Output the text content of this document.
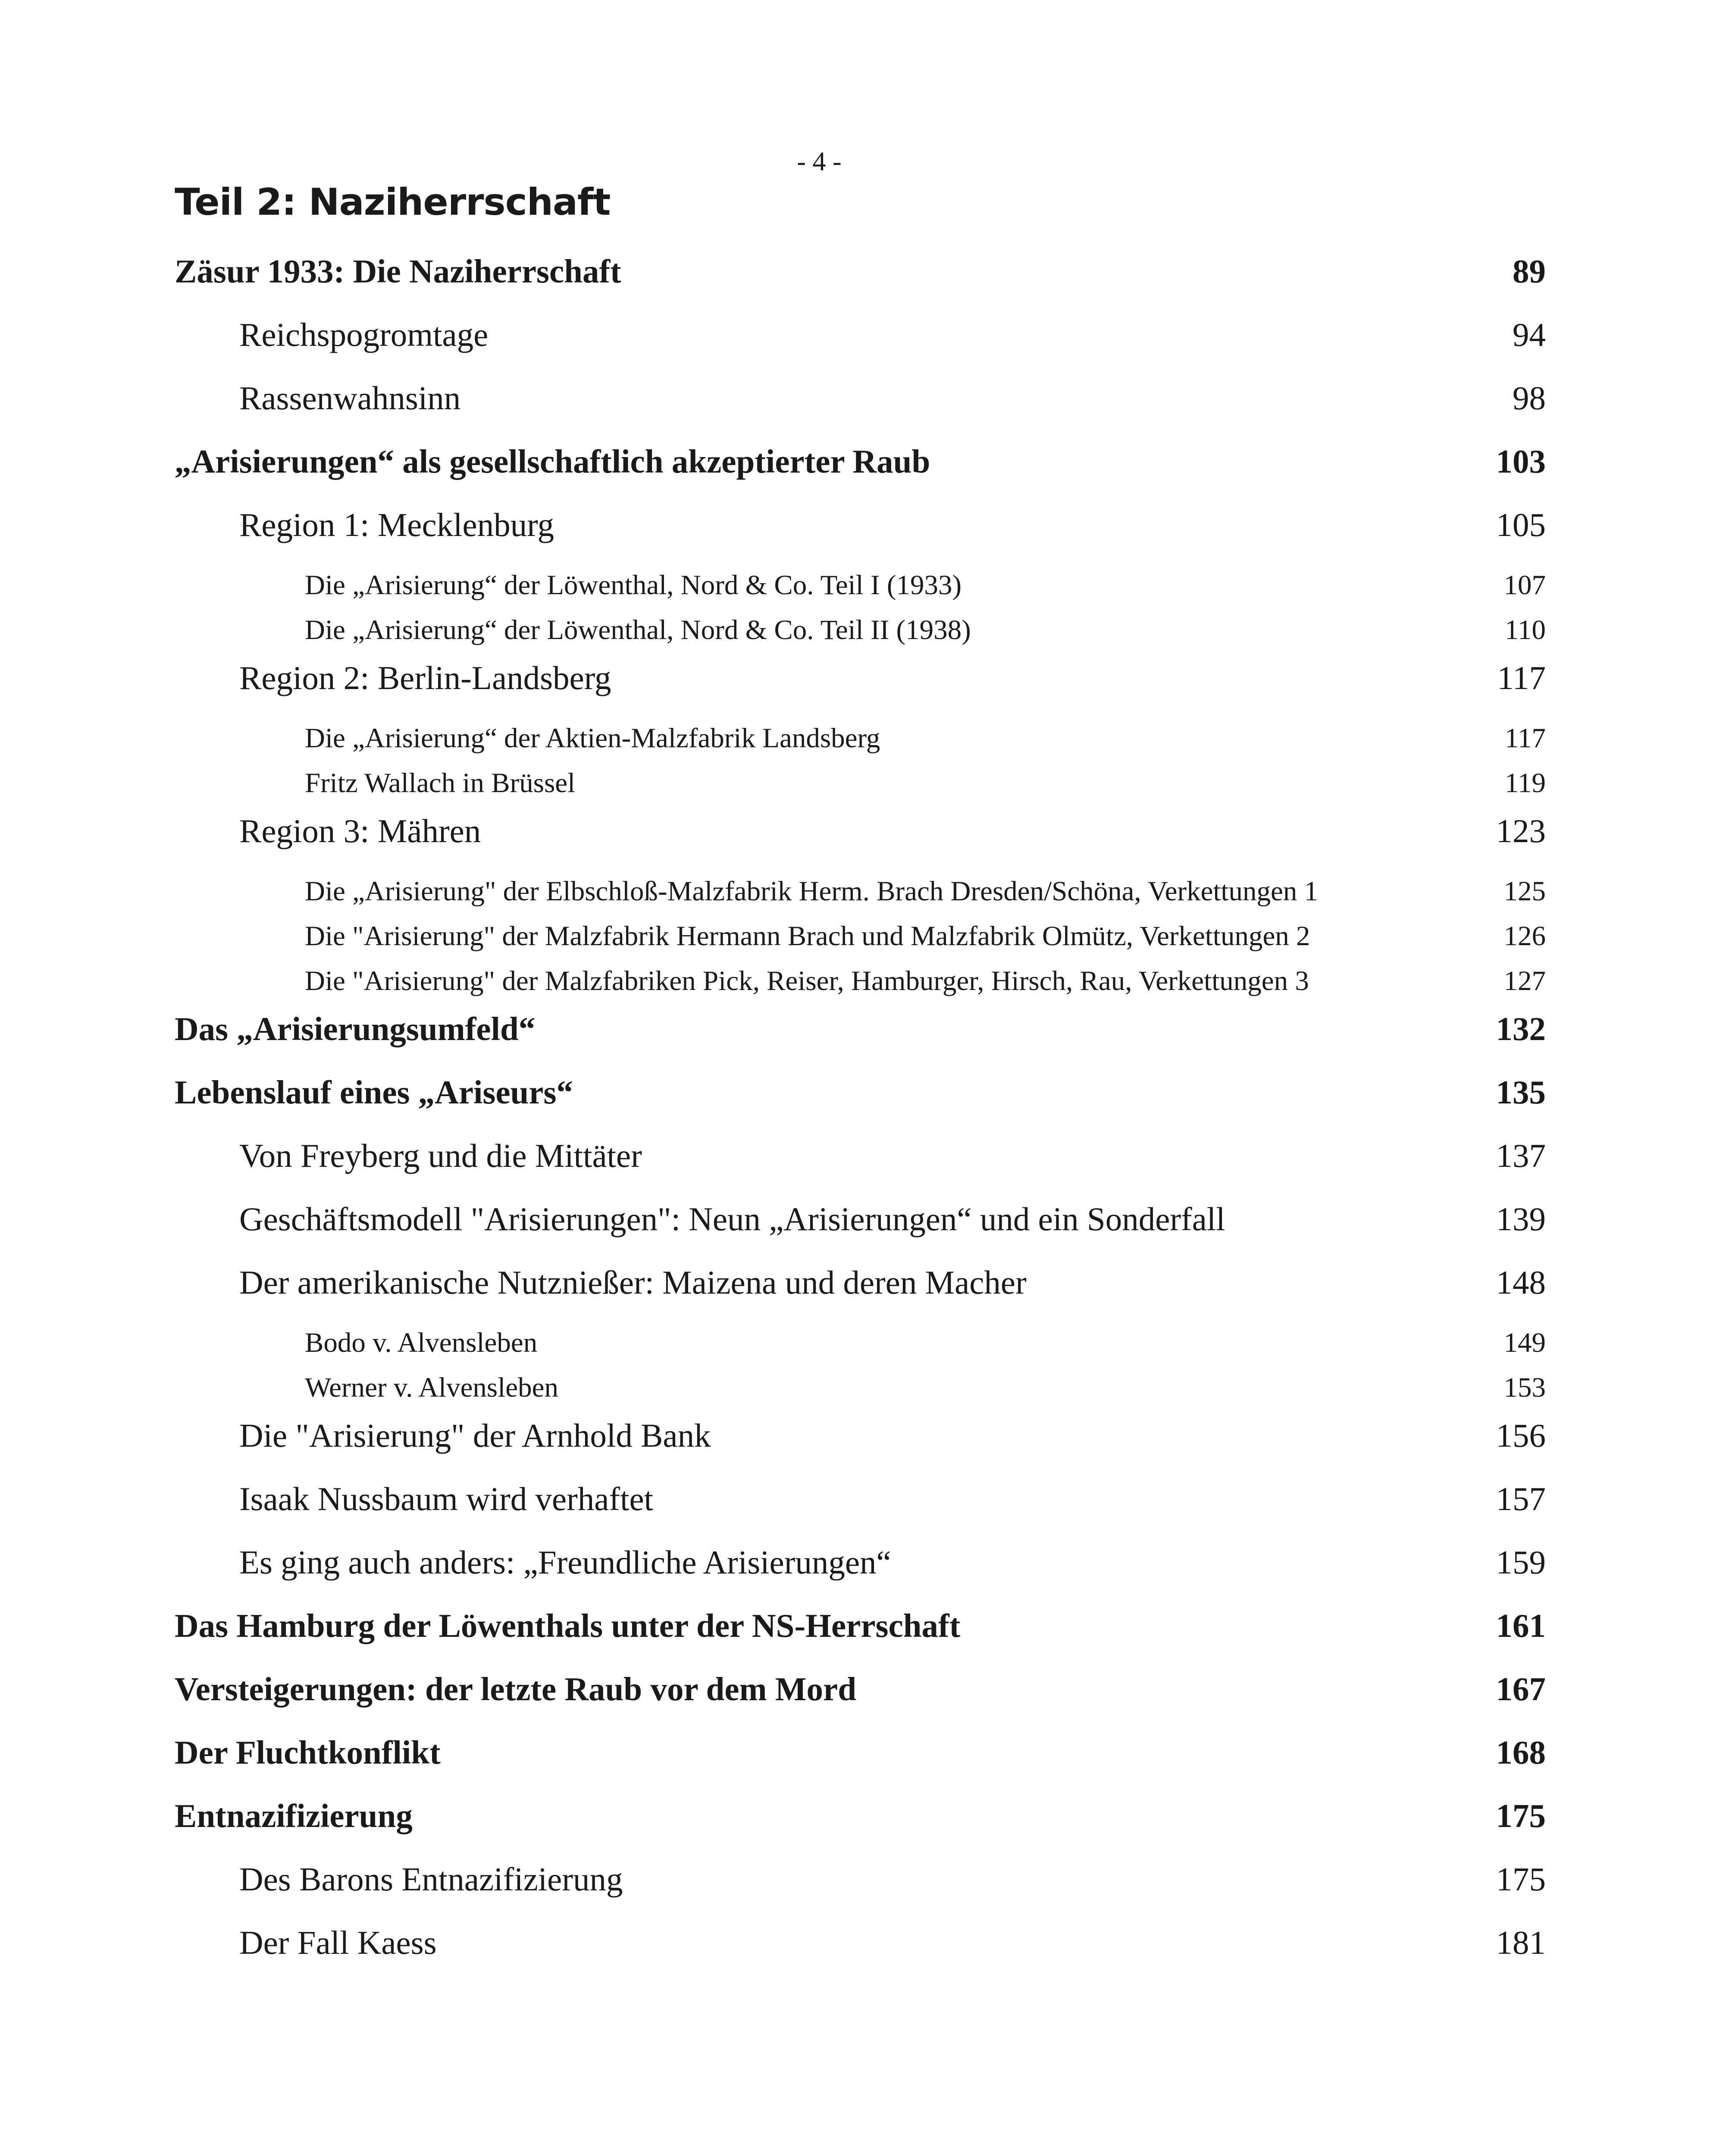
- 4 -
Teil 2: Naziherrschaft
Zäsur 1933: Die Naziherrschaft	89
Reichspogromtage	94
Rassenwahnsinn	98
„Arisierungen“ als gesellschaftlich akzeptierter Raub	103
Region 1: Mecklenburg	105
Die „Arisierung“ der Löwenthal, Nord & Co. Teil I (1933)	107
Die „Arisierung“ der Löwenthal, Nord & Co. Teil II (1938)	110
Region 2: Berlin-Landsberg	117
Die „Arisierung“ der Aktien-Malzfabrik Landsberg	117
Fritz Wallach in Brüssel	119
Region 3: Mähren	123
Die „Arisierung" der Elbschloß-Malzfabrik Herm. Brach Dresden/Schöna, Verkettungen 1	125
Die "Arisierung" der Malzfabrik Hermann Brach und Malzfabrik Olmütz, Verkettungen 2	126
Die "Arisierung" der Malzfabriken Pick, Reiser, Hamburger, Hirsch, Rau, Verkettungen 3	127
Das „Arisierungsumfeld“	132
Lebenslauf eines „Ariseurs“	135
Von Freyberg und die Mittäter	137
Geschäftsmodell "Arisierungen": Neun „Arisierungen“ und ein Sonderfall	139
Der amerikanische Nutznießer: Maizena und deren Macher	148
Bodo v. Alvensleben	149
Werner v. Alvensleben	153
Die "Arisierung" der Arnhold Bank	156
Isaak Nussbaum wird verhaftet	157
Es ging auch anders: „Freundliche Arisierungen“	159
Das Hamburg der Löwenthals unter der NS-Herrschaft	161
Versteigerungen: der letzte Raub vor dem Mord	167
Der Fluchtkonflikt	168
Entnazifizierung	175
Des Barons Entnazifizierung	175
Der Fall Kaess	181
